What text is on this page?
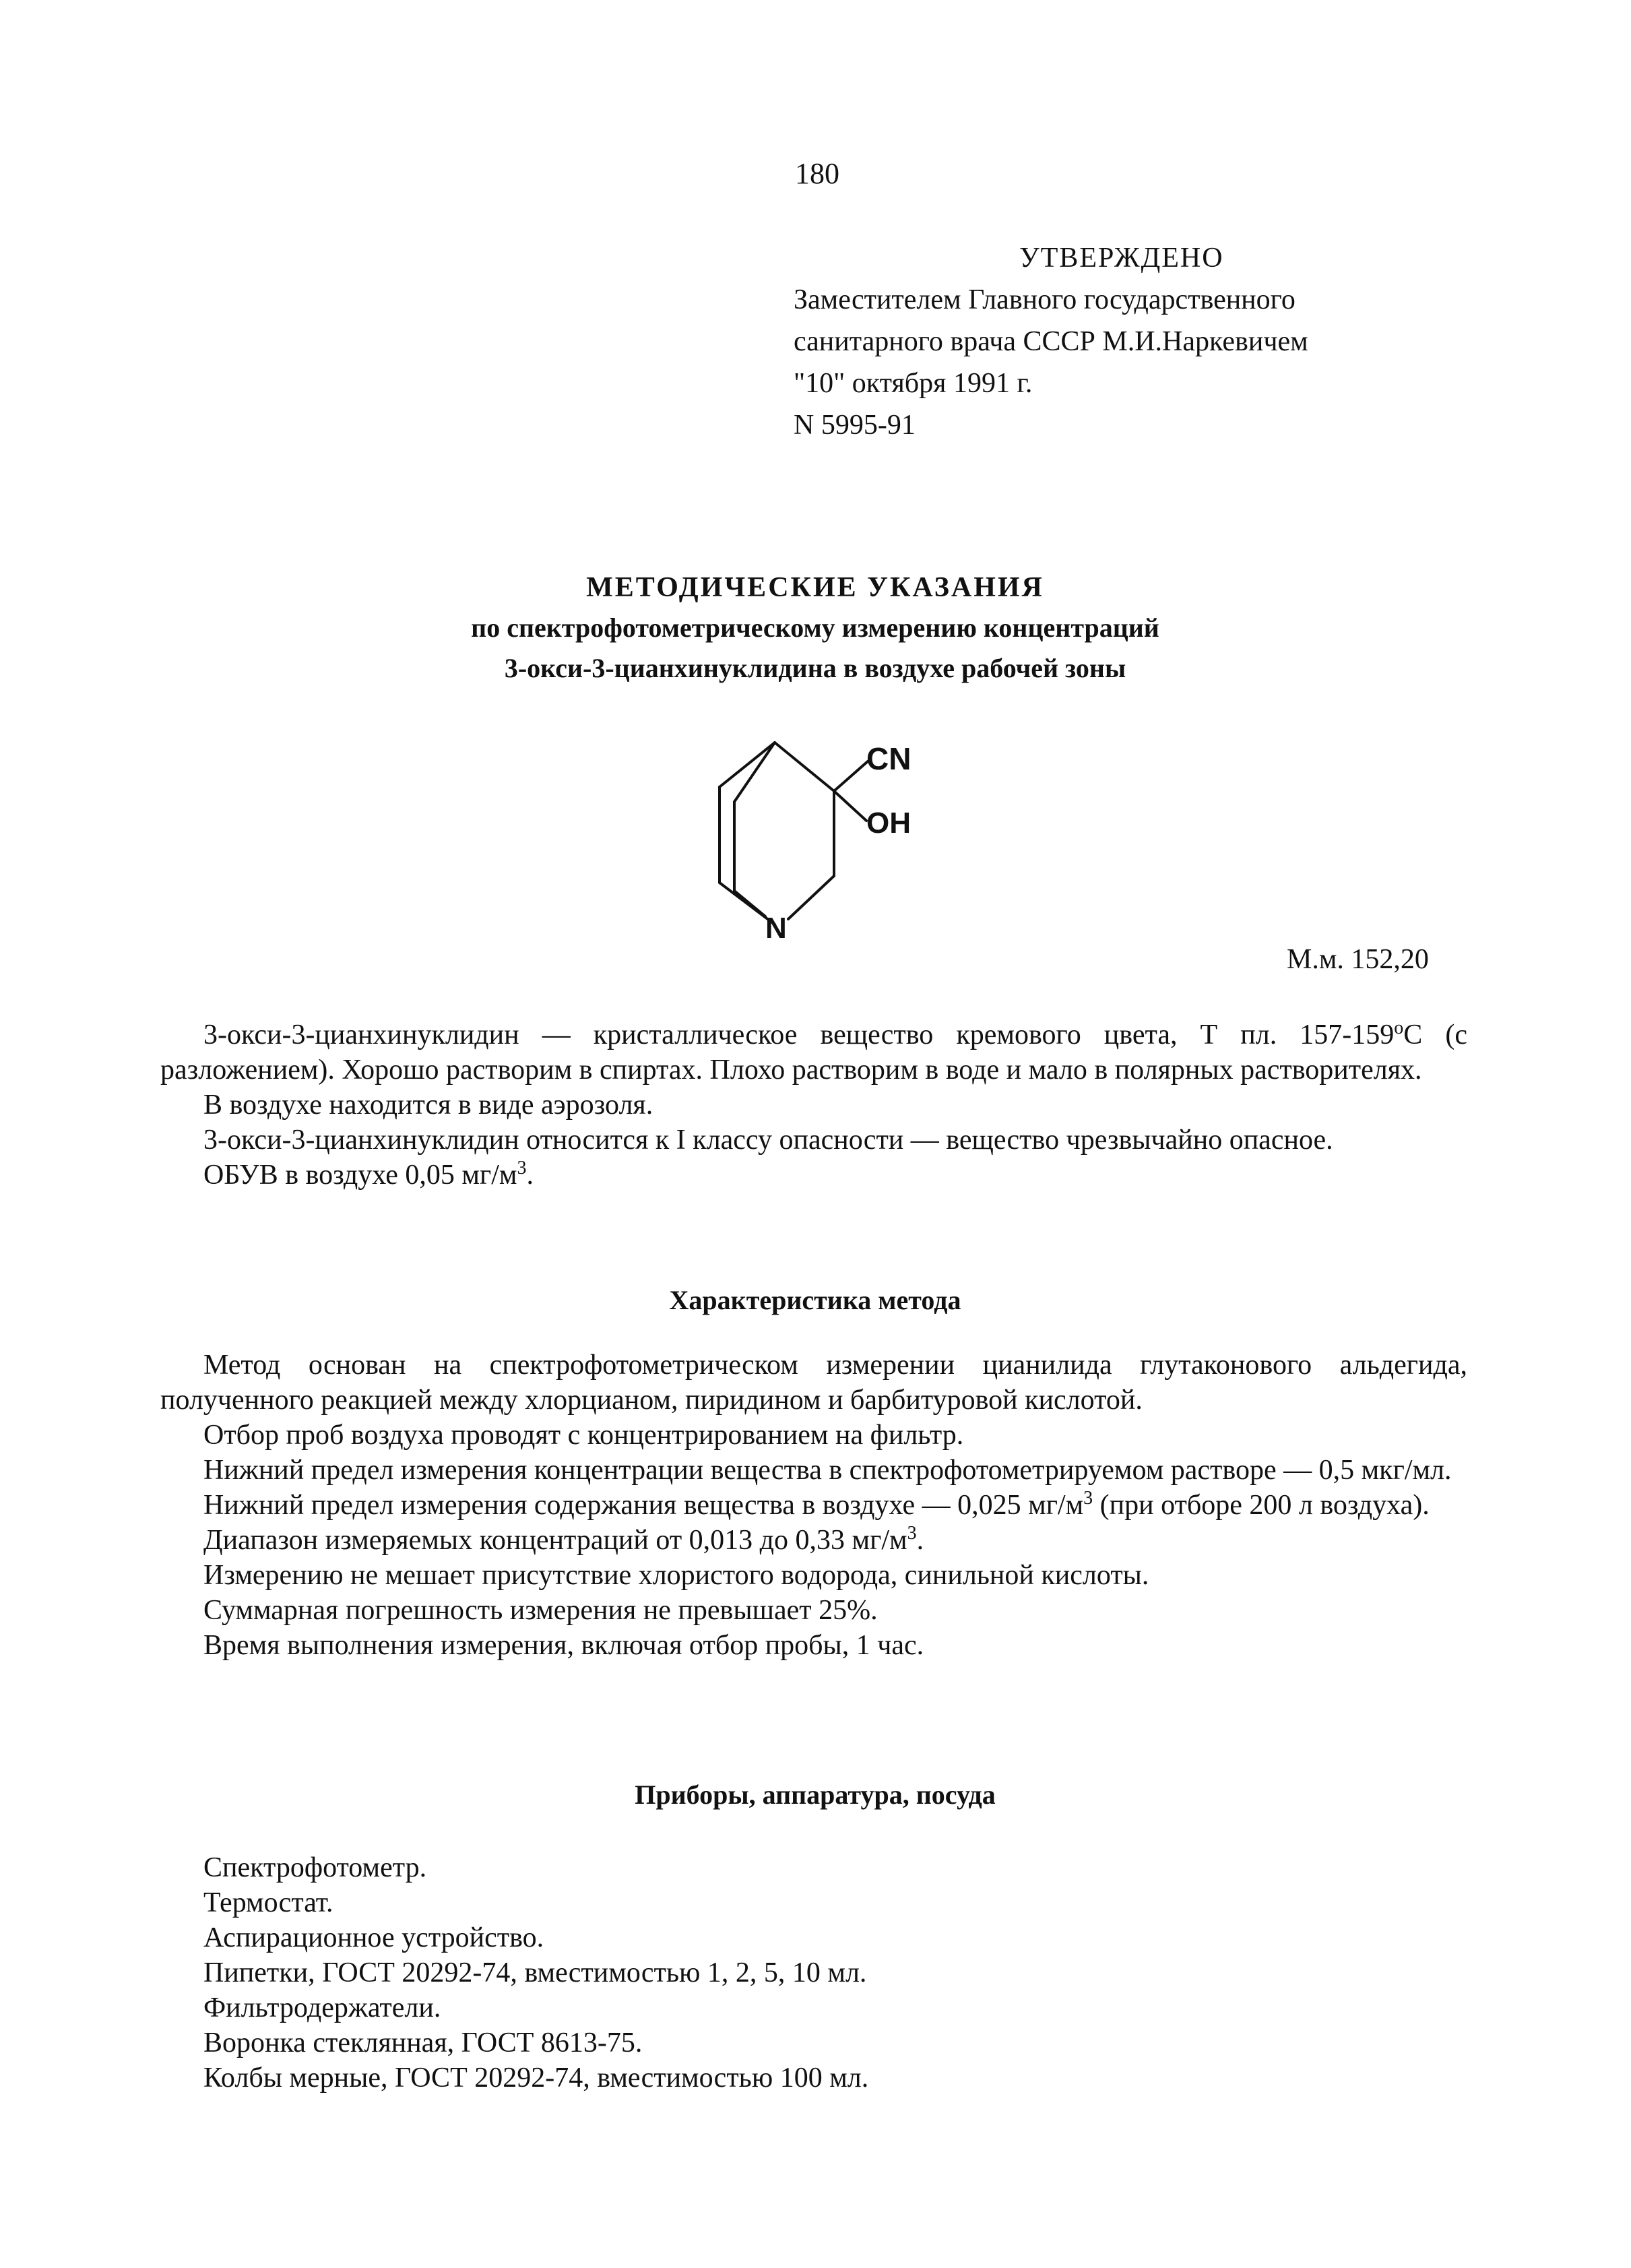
180
УТВЕРЖДЕНО
Заместителем Главного государственного
санитарного врача СССР М.И.Наркевичем
"10" октября 1991 г.
N 5995-91
МЕТОДИЧЕСКИЕ УКАЗАНИЯ
по спектрофотометрическому измерению концентраций
3-окси-3-цианхинуклидина в воздухе рабочей зоны
CN
OH
N
М.м. 152,20

3-окси-3-цианхинуклидин — кристаллическое вещество кремового цвета, Т пл. $157-159^оС$ (с разложением). Хорошо растворим в спиртах. Плохо растворим в воде и мало в полярных растворителях.

В воздухе находится в виде аэрозоля.

3-окси-3-цианхинуклидин относится к I классу опасности — вещество чрезвычайно опасное.

ОБУВ в воздухе 0,05 $мг/м^3$.

Характеристика метода

Метод основан на спектрофотометрическом измерении цианилида глутаконового альдегида, полученного реакцией между хлорцианом, пиридином и барбитуровой кислотой.

Отбор проб воздуха проводят с концентрированием на фильтр.

Нижний предел измерения концентрации вещества в спектрофотометрируемом растворе — 0,5 мкг/мл.

Нижний предел измерения содержания вещества в воздухе — 0,025 $мг/м^3$ (при отборе 200 л воздуха).

Диапазон измеряемых концентраций от 0,013 до 0,33 $мг/м^3$.

Измерению не мешает присутствие хлористого водорода, синильной кислоты.

Суммарная погрешность измерения не превышает 25%.

Время выполнения измерения, включая отбор пробы, 1 час.

Приборы, аппаратура, посуда
Спектрофотометр.
Термостат.
Аспирационное устройство.
Пипетки, ГОСТ 20292-74, вместимостью 1, 2, 5, 10 мл.
Фильтродержатели.
Воронка стеклянная, ГОСТ 8613-75.
Колбы мерные, ГОСТ 20292-74, вместимостью 100 мл.
